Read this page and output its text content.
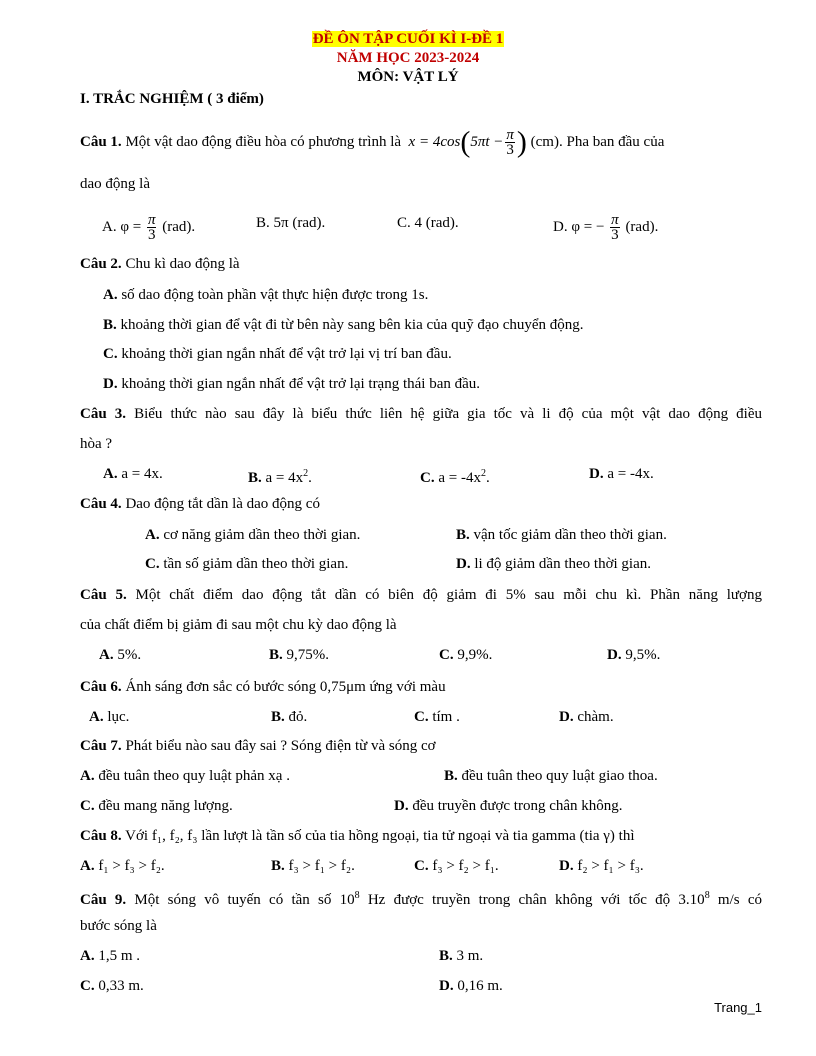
ĐỀ ÔN TẬP CUỐI KÌ I-ĐỀ 1
NĂM HỌC 2023-2024
MÔN: VẬT LÝ
I. TRẮC NGHIỆM ( 3 điểm)
Câu 1. Một vật dao động điều hòa có phương trình là $x = 4\cos(5\pi t - \frac{\pi}{3}$ ) (cm). Pha ban đầu của
dao động là
A. $\varphi = \frac{\pi}{3} (rad)$.	B. 5π (rad).	C. 4 (rad).	D. φ = − $\frac{\pi}{3} (rad)$.
Câu 2. Chu kì dao động là
A. số dao động toàn phần vật thực hiện được trong 1s.
B. khoảng thời gian để vật đi từ bên này sang bên kia của quỹ đạo chuyển động.
C. khoảng thời gian ngắn nhất để vật trở lại vị trí ban đầu.
D. khoảng thời gian ngắn nhất để vật trở lại trạng thái ban đầu.
Câu 3. Biểu thức nào sau đây là biểu thức liên hệ giữa gia tốc và li độ của một vật dao động điều
hòa ?
A. a = 4x.	B. $a = 4x^2$.	C. $a = -4x^2$.	D. a = -4x.
Câu 4. Dao động tắt dần là dao động có
A. cơ năng giảm dần theo thời gian.	B. vận tốc giảm dần theo thời gian.
C. tần số giảm dần theo thời gian.	D. li độ giảm dần theo thời gian.
Câu 5. Một chất điểm dao động tắt dần có biên độ giảm đi 5% sau mỗi chu kì. Phần năng lượng
của chất điểm bị giảm đi sau một chu kỳ dao động là
A. 5%.	B. 9,75%.	C. 9,9%.	D. 9,5%.
Câu 6. Ánh sáng đơn sắc có bước sóng 0,75μm ứng với màu
A. lục.	B. đỏ.	C. tím .	D. chàm.
Câu 7. Phát biểu nào sau đây sai ? Sóng điện từ và sóng cơ
A. đều tuân theo quy luật phản xạ .	B. đều tuân theo quy luật giao thoa.
C. đều mang năng lượng.	D. đều truyền được trong chân không.
Câu 8. Với f₁, f₂, f₃ lần lượt là tần số của tia hồng ngoại, tia tử ngoại và tia gamma (tia γ) thì
A. f₁ > f₃ > f₂.	B. f₃ > f₁ > f₂.	C. f₃ > f₂ > f₁.	D. f₂ > f₁ > f₃.
Câu 9. Một sóng vô tuyến có tần số $10^8$ Hz được truyền trong chân không với tốc độ 3.10$^8$ m/s có
bước sóng là
A. 1,5 m .	B. 3 m.
C. 0,33 m.	D. 0,16 m.
Trang_1
